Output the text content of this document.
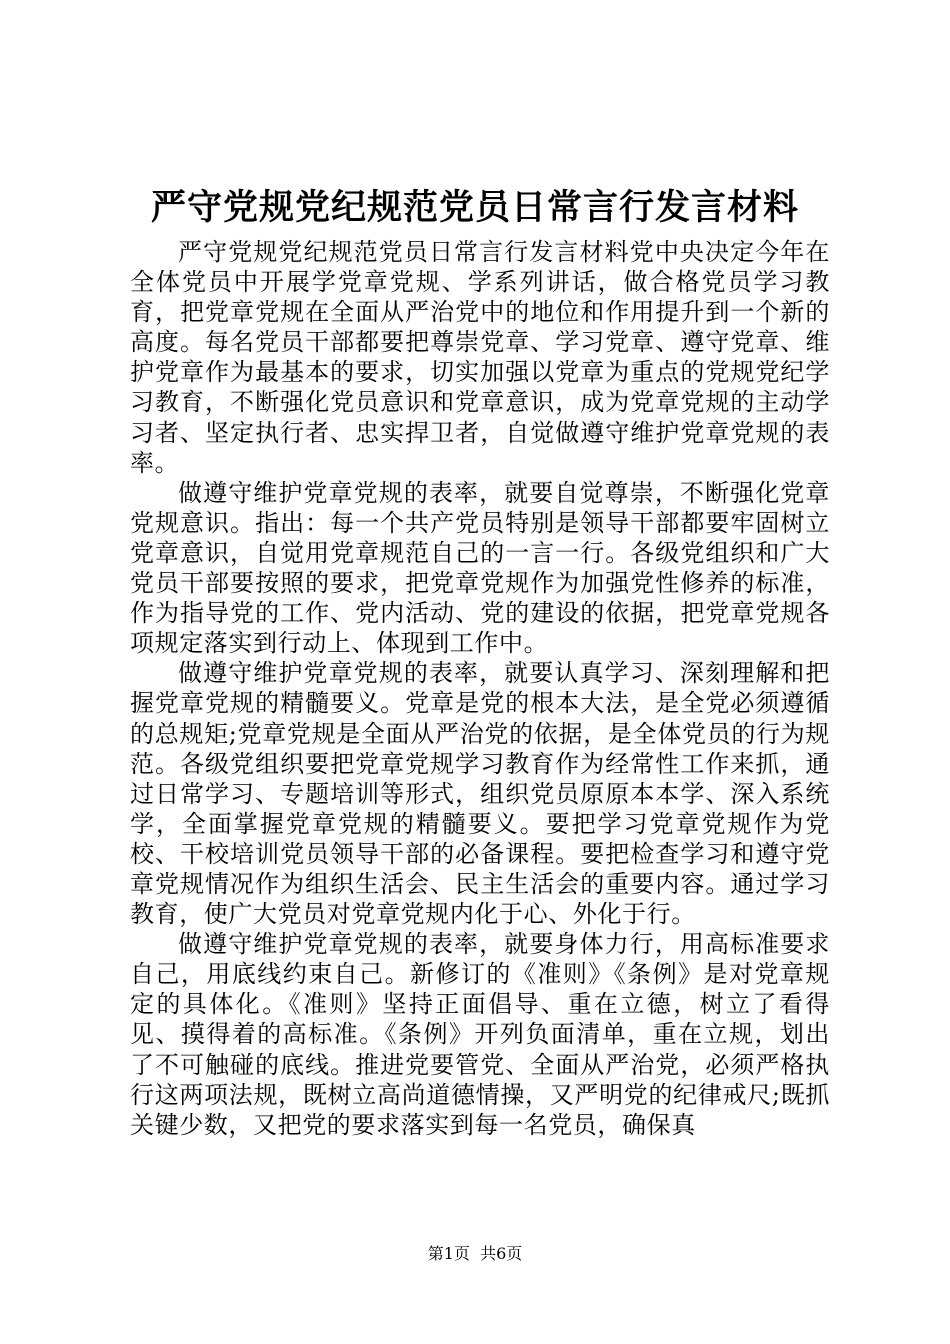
严守党规党纪规范党员日常言行发言材料

严守党规党纪规范党员日常言行发言材料党中央决定今年在全体党员中开展学党章党规、学系列讲话，做合格党员学习教育，把党章党规在全面从严治党中的地位和作用提升到一个新的高度。每名党员干部都要把尊崇党章、学习党章、遵守党章、维护党章作为最基本的要求，切实加强以党章为重点的党规党纪学习教育，不断强化党员意识和党章意识，成为党章党规的主动学习者、坚定执行者、忠实捍卫者，自觉做遵守维护党章党规的表率。

做遵守维护党章党规的表率，就要自觉尊崇，不断强化党章党规意识。指出：每一个共产党员特别是领导干部都要牢固树立党章意识，自觉用党章规范自己的一言一行。各级党组织和广大党员干部要按照的要求，把党章党规作为加强党性修养的标准，作为指导党的工作、党内活动、党的建设的依据，把党章党规各项规定落实到行动上、体现到工作中。

做遵守维护党章党规的表率，就要认真学习、深刻理解和把握党章党规的精髓要义。党章是党的根本大法，是全党必须遵循的总规矩;党章党规是全面从严治党的依据，是全体党员的行为规范。各级党组织要把党章党规学习教育作为经常性工作来抓，通过日常学习、专题培训等形式，组织党员原原本本学、深入系统学，全面掌握党章党规的精髓要义。要把学习党章党规作为党校、干校培训党员领导干部的必备课程。要把检查学习和遵守党章党规情况作为组织生活会、民主生活会的重要内容。通过学习教育，使广大党员对党章党规内化于心、外化于行。

做遵守维护党章党规的表率，就要身体力行，用高标准要求自己，用底线约束自己。新修订的《准则》《条例》是对党章规定的具体化。《准则》坚持正面倡导、重在立德，树立了看得见、摸得着的高标准。《条例》开列负面清单，重在立规，划出了不可触碰的底线。推进党要管党、全面从严治党，必须严格执行这两项法规，既树立高尚道德情操，又严明党的纪律戒尺;既抓关键少数，又把党的要求落实到每一名党员，确保真

第1页  共6页
